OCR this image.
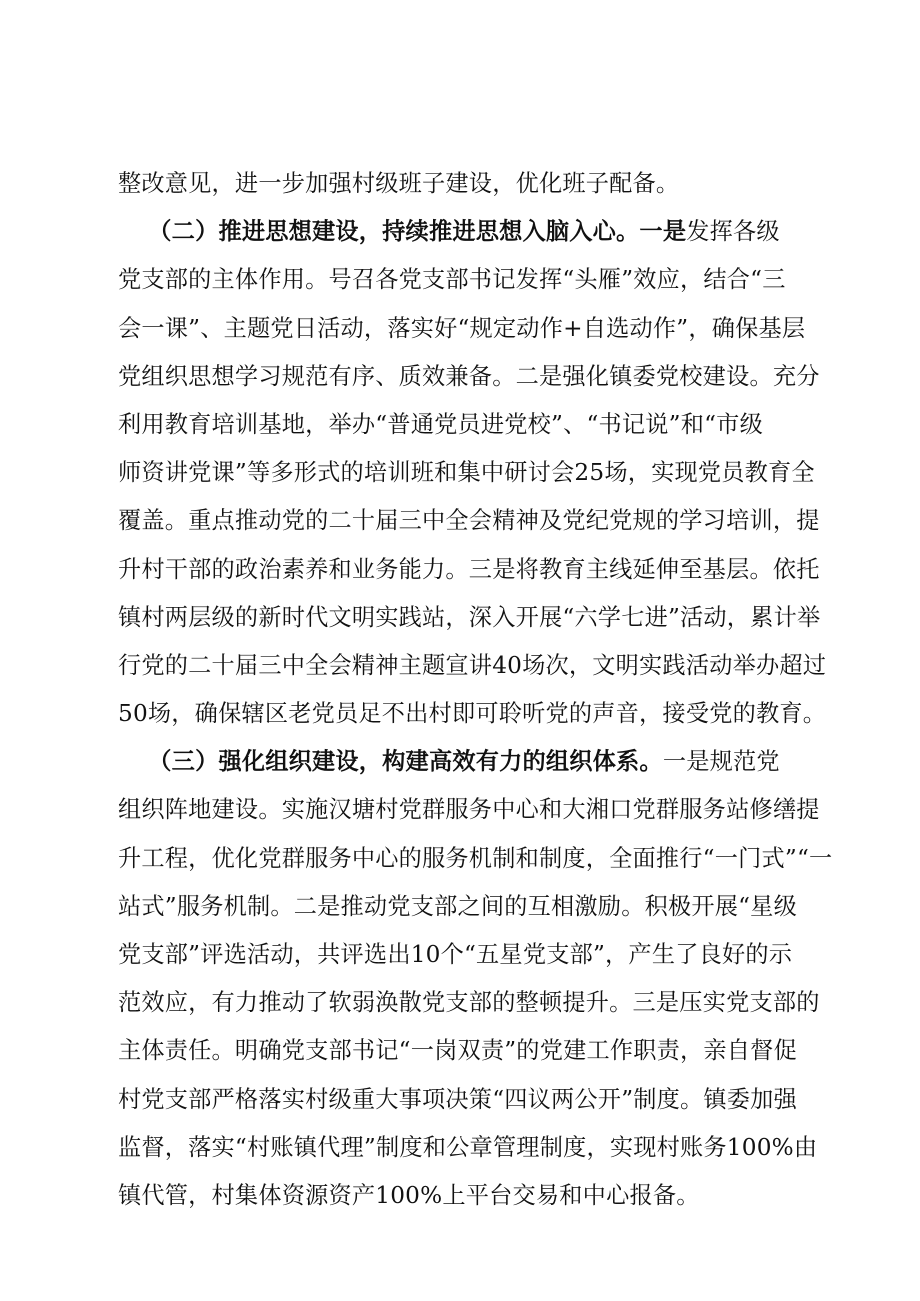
整改意见，进一步加强村级班子建设，优化班子配备。
（二）推进思想建设，持续推进思想入脑入心。一是发挥各级
党支部的主体作用。号召各党支部书记发挥“头雁”效应，结合“三
会一课”、主题党日活动，落实好“规定动作+自选动作”，确保基层
党组织思想学习规范有序、质效兼备。二是强化镇委党校建设。充分
利用教育培训基地，举办“普通党员进党校”、“书记说”和“市级
师资讲党课”等多形式的培训班和集中研讨会25场，实现党员教育全
覆盖。重点推动党的二十届三中全会精神及党纪党规的学习培训，提
升村干部的政治素养和业务能力。三是将教育主线延伸至基层。依托
镇村两层级的新时代文明实践站，深入开展“六学七进”活动，累计举
行党的二十届三中全会精神主题宣讲40场次，文明实践活动举办超过
50场，确保辖区老党员足不出村即可聆听党的声音，接受党的教育。
（三）强化组织建设，构建高效有力的组织体系。一是规范党
组织阵地建设。实施汉塘村党群服务中心和大湘口党群服务站修缮提
升工程，优化党群服务中心的服务机制和制度，全面推行“一门式”“一
站式”服务机制。二是推动党支部之间的互相激励。积极开展“星级
党支部”评选活动，共评选出10个“五星党支部”，产生了良好的示
范效应，有力推动了软弱涣散党支部的整顿提升。三是压实党支部的
主体责任。明确党支部书记“一岗双责”的党建工作职责，亲自督促
村党支部严格落实村级重大事项决策“四议两公开”制度。镇委加强
监督，落实“村账镇代理”制度和公章管理制度，实现村账务100%由
镇代管，村集体资源资产100%上平台交易和中心报备。
